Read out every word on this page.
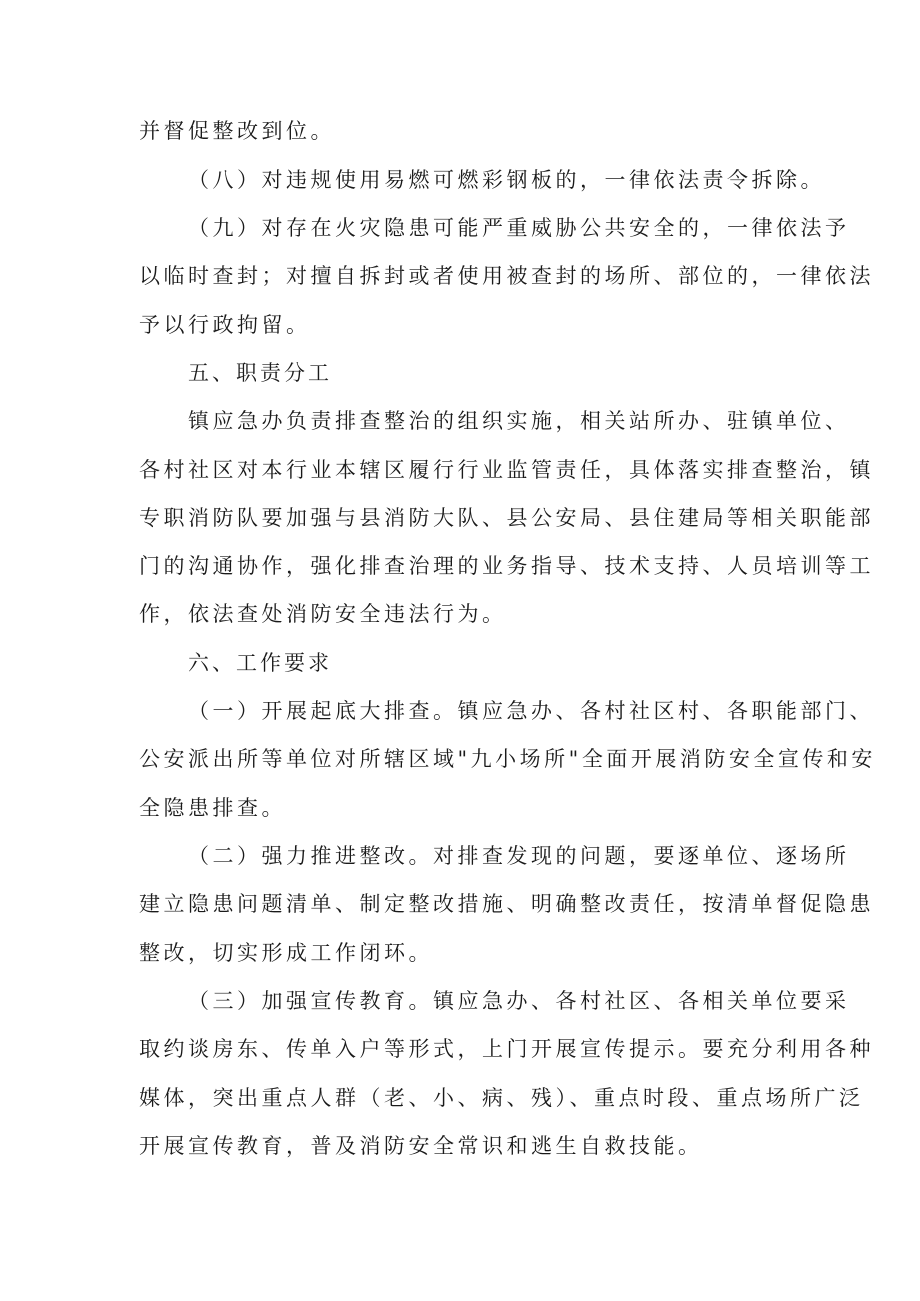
并督促整改到位。
（八）对违规使用易燃可燃彩钢板的，一律依法责令拆除。
（九）对存在火灾隐患可能严重威胁公共安全的，一律依法予
以临时查封；对擅自拆封或者使用被查封的场所、部位的，一律依法
予以行政拘留。
五、职责分工
镇应急办负责排查整治的组织实施，相关站所办、驻镇单位、
各村社区对本行业本辖区履行行业监管责任，具体落实排查整治，镇
专职消防队要加强与县消防大队、县公安局、县住建局等相关职能部
门的沟通协作，强化排查治理的业务指导、技术支持、人员培训等工
作，依法查处消防安全违法行为。
六、工作要求
（一）开展起底大排查。镇应急办、各村社区村、各职能部门、
公安派出所等单位对所辖区域"九小场所"全面开展消防安全宣传和安
全隐患排查。
（二）强力推进整改。对排查发现的问题，要逐单位、逐场所
建立隐患问题清单、制定整改措施、明确整改责任，按清单督促隐患
整改，切实形成工作闭环。
（三）加强宣传教育。镇应急办、各村社区、各相关单位要采
取约谈房东、传单入户等形式，上门开展宣传提示。要充分利用各种
媒体，突出重点人群（老、小、病、残）、重点时段、重点场所广泛
开展宣传教育，普及消防安全常识和逃生自救技能。
